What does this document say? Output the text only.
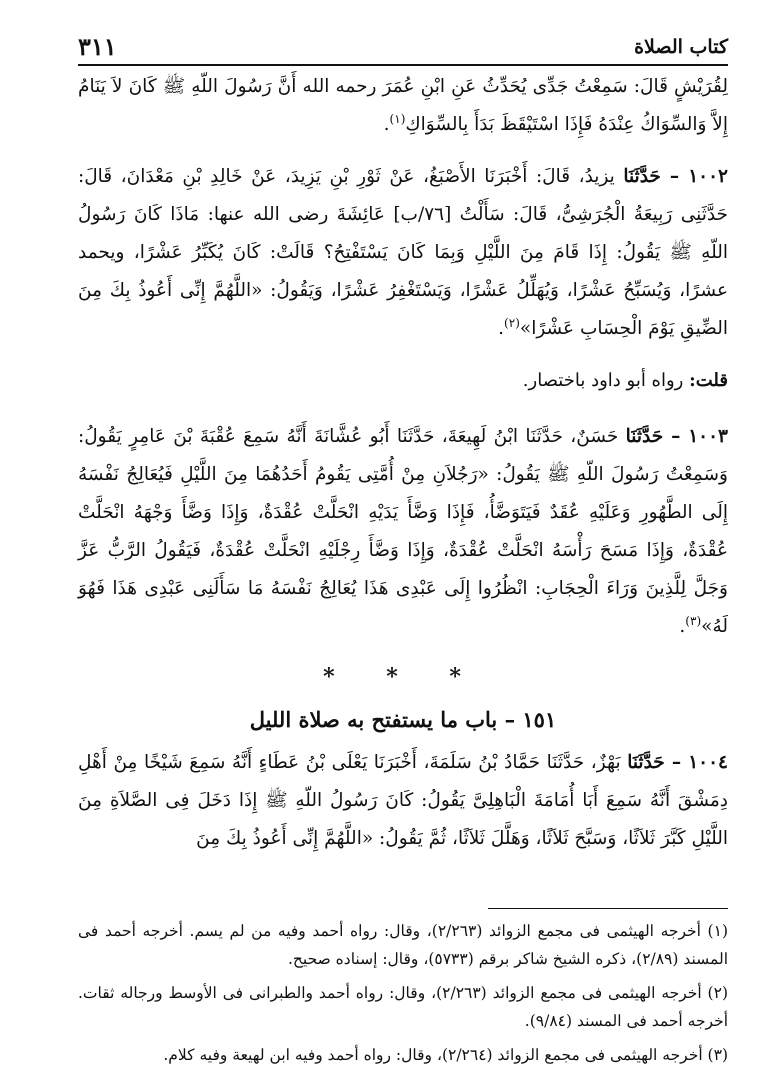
كتاب الصلاة
٣١١

لِقُرَيْشٍ قَالَ: سَمِعْتُ جَدِّى يُحَدِّثُ عَنِ ابْنِ عُمَرَ رحمه الله أَنَّ رَسُولَ اللّهِ ﷺ كَانَ لاَ يَنَامُ إِلاَّ وَالسِّوَاكُ عِنْدَهُ فَإِذَا اسْتَيْقَظَ بَدَأَ بِالسِّوَاكِ$^{(١)}$.

١٠٠٢ – حَدَّثَنَا يزيدُ، قَالَ: أَخْبَرَنَا الأَصْبَغُ، عَنْ ثَوْرِ بْنِ يَزِيدَ، عَنْ خَالِدِ بْنِ مَعْدَانَ، قَالَ: حَدَّثَنِى رَبِيعَةُ الْجُرَشِىُّ، قَالَ: سَأَلْتُ [٧٦/ب] عَائِشَةَ رضى الله عنها: مَاذَا كَانَ رَسُولُ اللّهِ ﷺ يَقُولُ: إِذَا قَامَ مِنَ اللَّيْلِ وَبِمَا كَانَ يَسْتَفْتِحُ؟ قَالَتْ: كَانَ يُكَبِّرُ عَشْرًا، ويحمد عشرًا، وَيُسَبِّحُ عَشْرًا، وَيُهَلِّلُ عَشْرًا، وَيَسْتَغْفِرُ عَشْرًا، وَيَقُولُ: «اللَّهُمَّ إِنِّى أَعُوذُ بِكَ مِنَ الضِّيقِ يَوْمَ الْحِسَابِ عَشْرًا»$^{(٢)}$.

قلت: رواه أبو داود باختصار.

١٠٠٣ – حَدَّثَنَا حَسَنٌ، حَدَّثَنَا ابْنُ لَهِيعَةَ، حَدَّثَنَا أَبُو عُشَّانَةَ أَنَّهُ سَمِعَ عُقْبَةَ بْنَ عَامِرٍ يَقُولُ: وَسَمِعْتُ رَسُولَ اللّهِ ﷺ يَقُولُ: «رَجُلاَنِ مِنْ أُمَّتِى يَقُومُ أَحَدُهُمَا مِنَ اللَّيْلِ فَيُعَالِجُ نَفْسَهُ إِلَى الطَّهُورِ وَعَلَيْهِ عُقَدٌ فَيَتَوَضَّأُ، فَإِذَا وَضَّأَ يَدَيْهِ انْحَلَّتْ عُقْدَةٌ، وَإِذَا وَضَّأَ وَجْهَهُ انْحَلَّتْ عُقْدَةٌ، وَإِذَا مَسَحَ رَأْسَهُ انْحَلَّتْ عُقْدَةٌ، وَإِذَا وَضَّأَ رِجْلَيْهِ انْحَلَّتْ عُقْدَةٌ، فَيَقُولُ الرَّبُّ عَزَّ وَجَلَّ لِلَّذِينَ وَرَاءَ الْحِجَابِ: انْظُرُوا إِلَى عَبْدِى هَذَا يُعَالِجُ نَفْسَهُ مَا سَأَلَنِى عَبْدِى هَذَا فَهُوَ لَهُ»$^{(٣)}$.

* * *
١٥١ – باب ما يستفتح به صلاة الليل

١٠٠٤ – حَدَّثَنَا بَهْزٌ، حَدَّثَنَا حَمَّادُ بْنُ سَلَمَةَ، أَخْبَرَنَا يَعْلَى بْنُ عَطَاءٍ أَنَّهُ سَمِعَ شَيْخًا مِنْ أَهْلِ دِمَشْقَ أَنَّهُ سَمِعَ أَبَا أُمَامَةَ الْبَاهِلِىَّ يَقُولُ: كَانَ رَسُولُ اللّهِ ﷺ إِذَا دَخَلَ فِى الصَّلاَةِ مِنَ اللَّيْلِ كَبَّرَ ثَلاَثًا، وَسَبَّحَ ثَلاَثًا، وَهَلَّلَ ثَلاَثًا، ثُمَّ يَقُولُ: «اللَّهُمَّ إِنِّى أَعُوذُ بِكَ مِنَ

(١) أخرجه الهيثمى فى مجمع الزوائد (٢/٢٦٣)، وقال: رواه أحمد وفيه من لم يسم. أخرجه أحمد فى المسند (٢/٨٩)، ذكره الشيخ شاكر برقم (٥٧٣٣)، وقال: إسناده صحيح.

(٢) أخرجه الهيثمى فى مجمع الزوائد (٢/٢٦٣)، وقال: رواه أحمد والطبرانى فى الأوسط ورجاله ثقات. أخرجه أحمد فى المسند (٩/٨٤).

(٣) أخرجه الهيثمى فى مجمع الزوائد (٢/٢٦٤)، وقال: رواه أحمد وفيه ابن لهيعة وفيه كلام.
